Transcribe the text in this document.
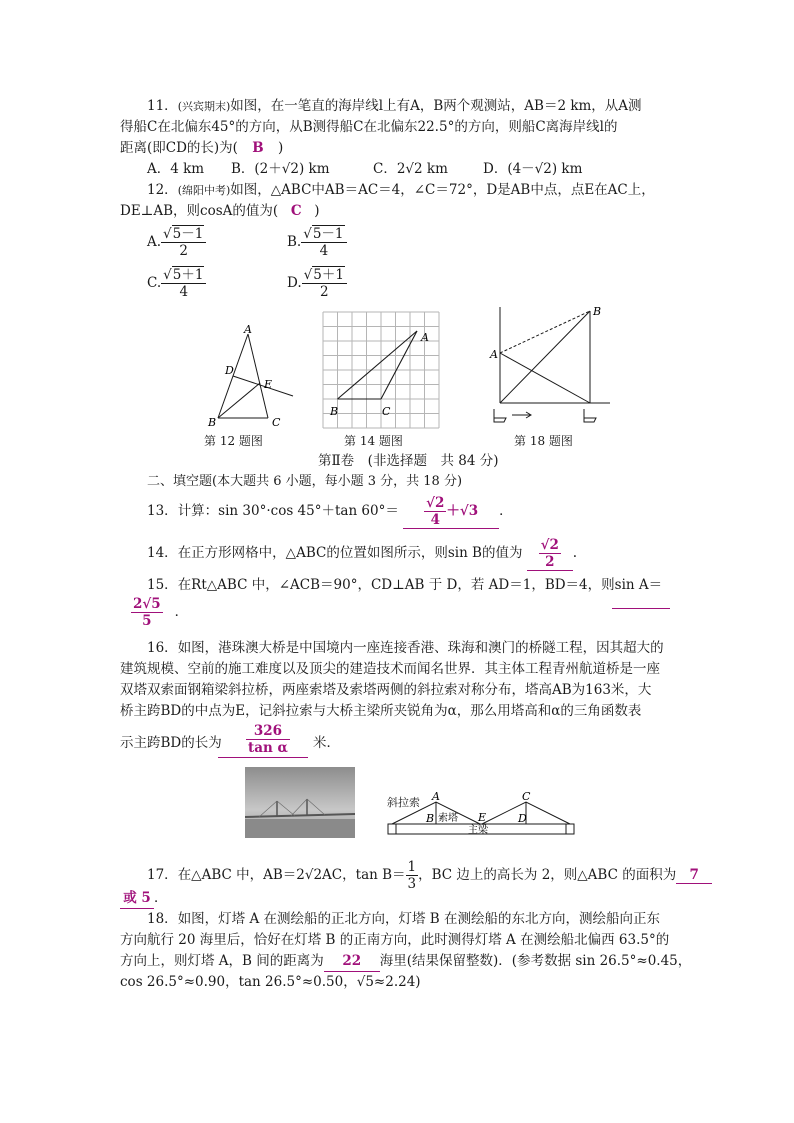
11．(兴宾期末)如图，在一笔直的海岸线l上有A，B两个观测站，AB＝2 km，从A测
得船C在北偏东45°的方向，从B测得船C在北偏东22.5°的方向，则船C离海岸线l的
距离(即CD的长)为( B )
A．4 km B．(2＋√2) km	C．2√2 km	D．(4－√2) km
12．(绵阳中考)如图，△ABC中AB＝AC＝4，∠C＝72°，D是AB中点，点E在AC上，
DE⊥AB，则cosA的值为( C )
A. $\frac{√5-1}{2}$	B. $\frac{√5-1}{4}$
C. $\frac{√5+1}{4}$	D. $\frac{√5+1}{2}$
A
D
E
B	C
第 12 题图
A
B	C
第 14 题图
B
A
第 18 题图
第Ⅱ卷　(非选择题　共 84 分)
二、填空题(本大题共 6 小题，每小题 3 分，共 18 分)
13．计算：sin 30°·cos 45°＋tan $60^\circ= \frac{√2}{4} +√3$ ．
14．在正方形网格中，△ABC的位置如图所示，则sin B的值为 $\frac{√2}{2}$ .
15．在Rt△ABC 中，∠ACB＝90°，CD⊥AB 于 D，若 AD＝1，BD＝4，则sin A＝
$\frac{2√5}{5}$ ．
16．如图，港珠澳大桥是中国境内一座连接香港、珠海和澳门的桥隧工程，因其超大的
建筑规模、空前的施工难度以及顶尖的建造技术而闻名世界．其主体工程青州航道桥是一座
双塔双索面钢箱梁斜拉桥，两座索塔及索塔两侧的斜拉索对称分布，塔高AB为163米，大
桥主跨BD的中点为E，记斜拉索与大桥主梁所夹锐角为α，那么用塔高和α的三角函数表
示主跨BD的长为 $\frac{326}{\text{tan α}}$ 米．
A
B
C
D
E
索塔
主梁
斜拉索
17．在△ABC 中，AB＝2√2AC，$\tan B= \frac{1}{3}$ ，BC 边上的高长为 2，则△ABC 的面积为 7
或 5 ．
18．如图，灯塔 A 在测绘船的正北方向，灯塔 B 在测绘船的东北方向，测绘船向正东
方向航行 20 海里后，恰好在灯塔 B 的正南方向，此时测得灯塔 A 在测绘船北偏西 63.5°的
方向上，则灯塔 A，B 间的距离为 22 海里(结果保留整数)．(参考数据 sin 26.5°≈0.45，
cos 26.5°≈0.90，tan 26.5°≈0.50，√5≈2.24)
